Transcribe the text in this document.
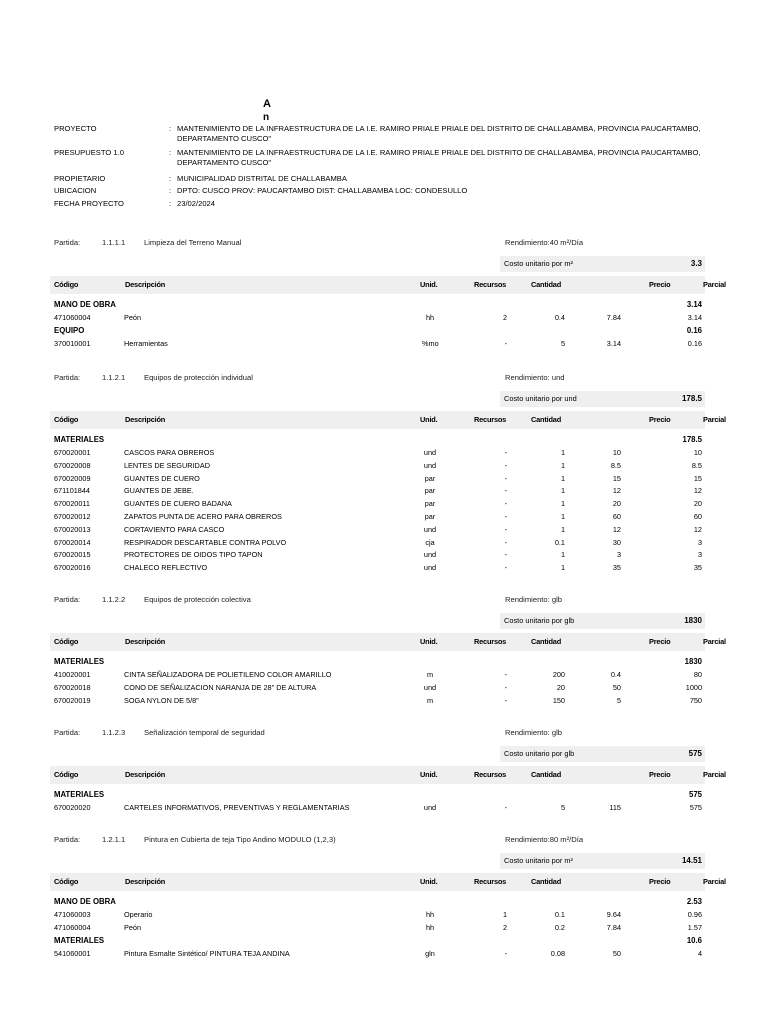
A
n
PROYECTO	: MANTENIMIENTO DE LA INFRAESTRUCTURA DE LA I.E. RAMIRO PRIALE PRIALE DEL DISTRITO DE CHALLABAMBA, PROVINCIA PAUCARTAMBO, DEPARTAMENTO CUSCO"
PRESUPUESTO 1.0	: MANTENIMIENTO DE LA INFRAESTRUCTURA DE LA I.E. RAMIRO PRIALE PRIALE DEL DISTRITO DE CHALLABAMBA, PROVINCIA PAUCARTAMBO, DEPARTAMENTO CUSCO"
PROPIETARIO	: MUNICIPALIDAD DISTRITAL DE CHALLABAMBA
UBICACION	: DPTO: CUSCO PROV: PAUCARTAMBO DIST: CHALLABAMBA LOC: CONDESULLO
FECHA PROYECTO	: 23/02/2024
Partida:	1.1.1.1 Limpieza del Terreno Manual	Rendimiento:40 m²/Día
Costo unitario por m²	3.3
Código	Descripción	Unid.	Recursos	Cantidad	Precio	Parcial
MANO DE OBRA	3.14
471060004	Peón	hh	2	0.4	7.84	3.14
EQUIPO	0.16
370010001	Herramientas	%mo	-	5	3.14	0.16
Partida:	1.1.2.1 Equipos de protección individual	Rendimiento: und
Costo unitario por und	178.5
Código	Descripción	Unid.	Recursos	Cantidad	Precio	Parcial
MATERIALES	178.5
670020001	CASCOS PARA OBREROS	und	-	1	10	10
670020008	LENTES DE SEGURIDAD	und	-	1	8.5	8.5
670020009	GUANTES DE CUERO	par	-	1	15	15
671101844	GUANTES DE JEBE.	par	-	1	12	12
670020011	GUANTES DE CUERO BADANA	par	-	1	20	20
670020012	ZAPATOS PUNTA DE ACERO PARA OBREROS	par	-	1	60	60
670020013	CORTAVIENTO PARA CASCO	und	-	1	12	12
670020014	RESPIRADOR DESCARTABLE CONTRA POLVO	cja	-	0.1	30	3
670020015	PROTECTORES DE OIDOS TIPO TAPON	und	-	1	3	3
670020016	CHALECO REFLECTIVO	und	-	1	35	35
Partida:	1.1.2.2 Equipos de protección colectiva	Rendimiento: glb
Costo unitario por glb	1830
Código	Descripción	Unid.	Recursos	Cantidad	Precio	Parcial
MATERIALES	1830
410020001	CINTA SEÑALIZADORA DE POLIETILENO COLOR AMARILLO	m	-	200	0.4	80
670020018	CONO DE SEÑALIZACION NARANJA DE 28" DE ALTURA	und	-	20	50	1000
670020019	SOGA NYLON DE 5/8"	m	-	150	5	750
Partida:	1.1.2.3 Señalización temporal de seguridad	Rendimiento: glb
Costo unitario por glb	575
Código	Descripción	Unid.	Recursos	Cantidad	Precio	Parcial
MATERIALES	575
670020020	CARTELES INFORMATIVOS, PREVENTIVAS Y REGLAMENTARIAS	und	-	5	115	575
Partida:	1.2.1.1 Pintura en Cubierta de teja Tipo Andino MODULO (1,2,3)	Rendimiento:80 m²/Día
Costo unitario por m²	14.51
Código	Descripción	Unid.	Recursos	Cantidad	Precio	Parcial
MANO DE OBRA	2.53
471060003	Operario	hh	1	0.1	9.64	0.96
471060004	Peón	hh	2	0.2	7.84	1.57
MATERIALES	10.6
541060001	Pintura Esmalte Sintético/ PINTURA TEJA ANDINA	gln	-	0.08	50	4
